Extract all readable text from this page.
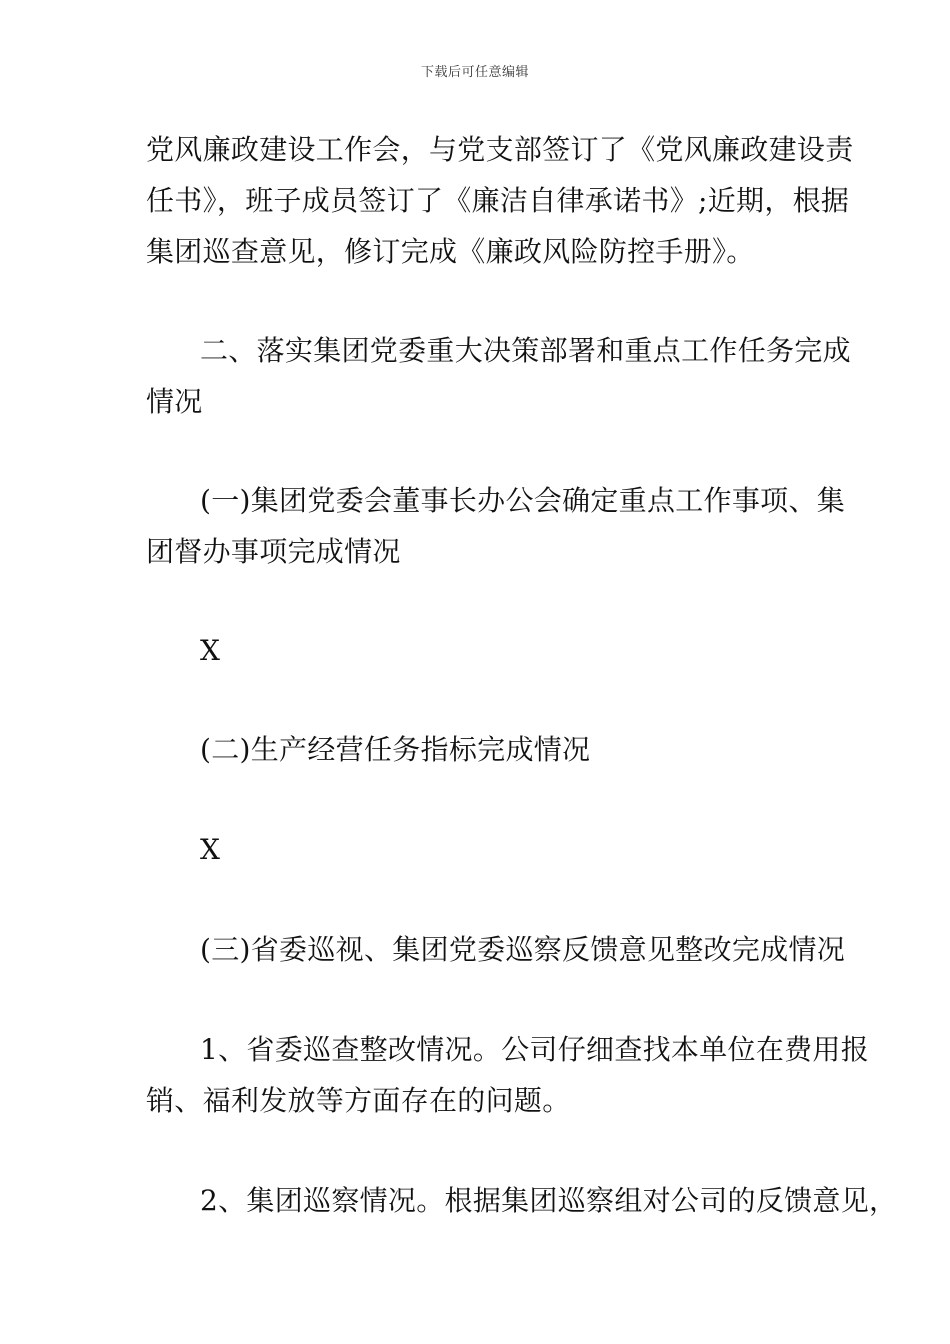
下载后可任意编辑
党风廉政建设工作会，与党支部签订了《党风廉政建设责
任书》，班子成员签订了《廉洁自律承诺书》;近期，根据
集团巡查意见，修订完成《廉政风险防控手册》。
二、落实集团党委重大决策部署和重点工作任务完成
情况
(一)集团党委会董事长办公会确定重点工作事项、集
团督办事项完成情况
X
(二)生产经营任务指标完成情况
X
(三)省委巡视、集团党委巡察反馈意见整改完成情况
1、省委巡查整改情况。公司仔细查找本单位在费用报
销、福利发放等方面存在的问题。
2、集团巡察情况。根据集团巡察组对公司的反馈意见，
